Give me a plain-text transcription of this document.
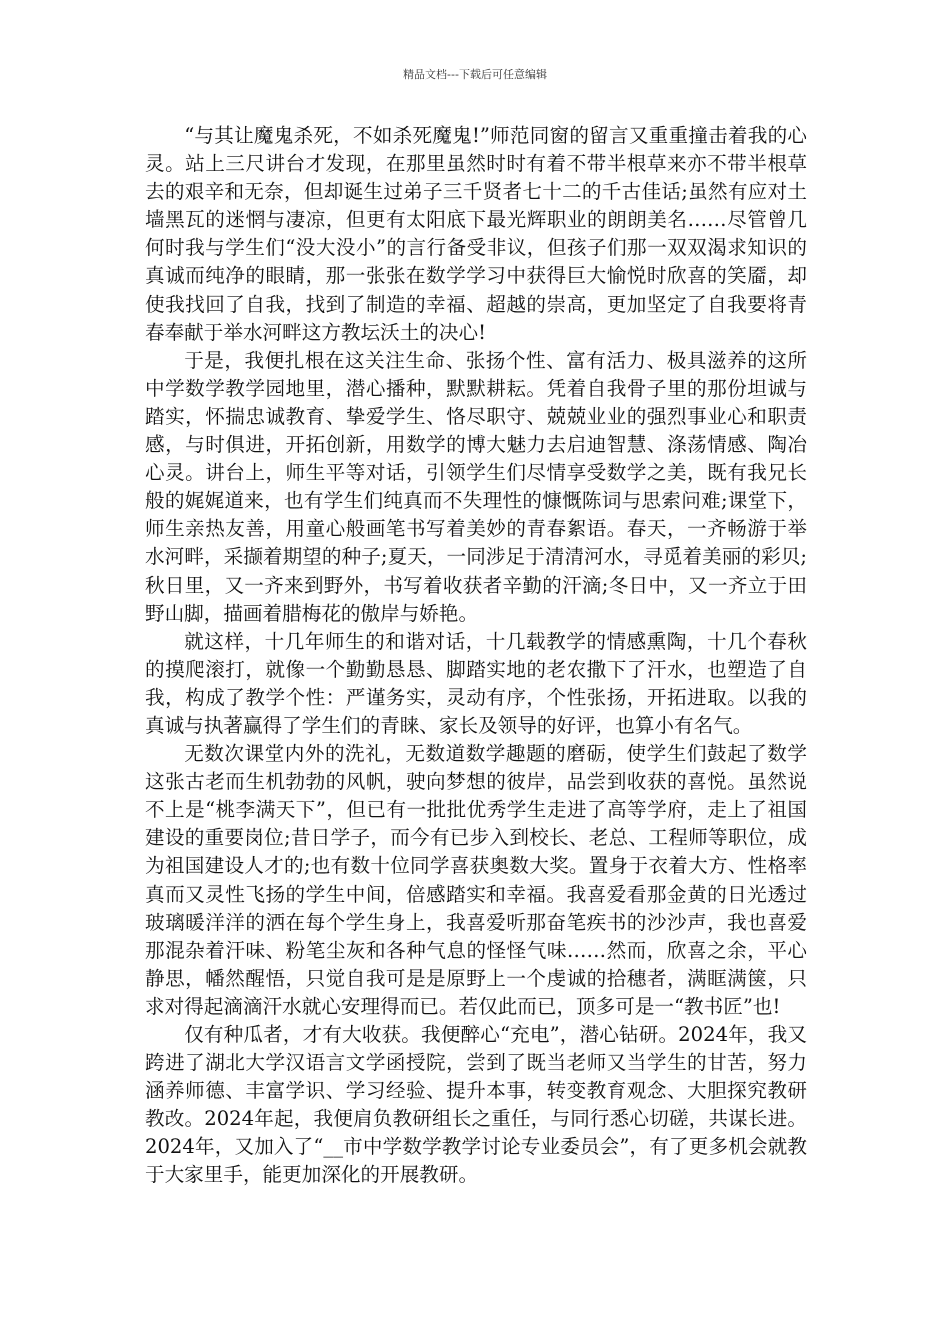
精品文档---下载后可任意编辑

“与其让魔鬼杀死，不如杀死魔鬼!”师范同窗的留言又重重撞击着我的心灵。站上三尺讲台才发现，在那里虽然时时有着不带半根草来亦不带半根草去的艰辛和无奈，但却诞生过弟子三千贤者七十二的千古佳话;虽然有应对土墙黑瓦的迷惘与凄凉，但更有太阳底下最光辉职业的朗朗美名……尽管曾几何时我与学生们“没大没小”的言行备受非议，但孩子们那一双双渴求知识的真诚而纯净的眼睛，那一张张在数学学习中获得巨大愉悦时欣喜的笑靥，却使我找回了自我，找到了制造的幸福、超越的崇高，更加坚定了自我要将青春奉献于举水河畔这方教坛沃土的决心!

于是，我便扎根在这关注生命、张扬个性、富有活力、极具滋养的这所中学数学教学园地里，潜心播种，默默耕耘。凭着自我骨子里的那份坦诚与踏实，怀揣忠诚教育、挚爱学生、恪尽职守、兢兢业业的强烈事业心和职责感，与时俱进，开拓创新，用数学的博大魅力去启迪智慧、涤荡情感、陶冶心灵。讲台上，师生平等对话，引领学生们尽情享受数学之美，既有我兄长般的娓娓道来，也有学生们纯真而不失理性的慷慨陈词与思索问难;课堂下，师生亲热友善，用童心般画笔书写着美妙的青春絮语。春天，一齐畅游于举水河畔，采撷着期望的种子;夏天，一同涉足于清清河水，寻觅着美丽的彩贝;秋日里，又一齐来到野外，书写着收获者辛勤的汗滴;冬日中，又一齐立于田野山脚，描画着腊梅花的傲岸与娇艳。

就这样，十几年师生的和谐对话，十几载教学的情感熏陶，十几个春秋的摸爬滚打，就像一个勤勤恳恳、脚踏实地的老农撒下了汗水，也塑造了自我，构成了教学个性：严谨务实，灵动有序，个性张扬，开拓进取。以我的真诚与执著赢得了学生们的青睐、家长及领导的好评，也算小有名气。

无数次课堂内外的洗礼，无数道数学趣题的磨砺，使学生们鼓起了数学这张古老而生机勃勃的风帆，驶向梦想的彼岸，品尝到收获的喜悦。虽然说不上是“桃李满天下”，但已有一批批优秀学生走进了高等学府，走上了祖国建设的重要岗位;昔日学子，而今有已步入到校长、老总、工程师等职位，成为祖国建设人才的;也有数十位同学喜获奥数大奖。置身于衣着大方、性格率真而又灵性飞扬的学生中间，倍感踏实和幸福。我喜爱看那金黄的日光透过玻璃暖洋洋的洒在每个学生身上，我喜爱听那奋笔疾书的沙沙声，我也喜爱那混杂着汗味、粉笔尘灰和各种气息的怪怪气味……然而，欣喜之余，平心静思，幡然醒悟，只觉自我可是是原野上一个虔诚的拾穗者，满眶满箧，只求对得起滴滴汗水就心安理得而已。若仅此而已，顶多可是一“教书匠”也!

仅有种瓜者，才有大收获。我便醉心“充电”，潜心钻研。2024年，我又跨进了湖北大学汉语言文学函授院，尝到了既当老师又当学生的甘苦，努力涵养师德、丰富学识、学习经验、提升本事，转变教育观念、大胆探究教研教改。2024年起，我便肩负教研组长之重任，与同行悉心切磋，共谋长进。2024年，又加入了“__市中学数学教学讨论专业委员会”，有了更多机会就教于大家里手，能更加深化的开展教研。
